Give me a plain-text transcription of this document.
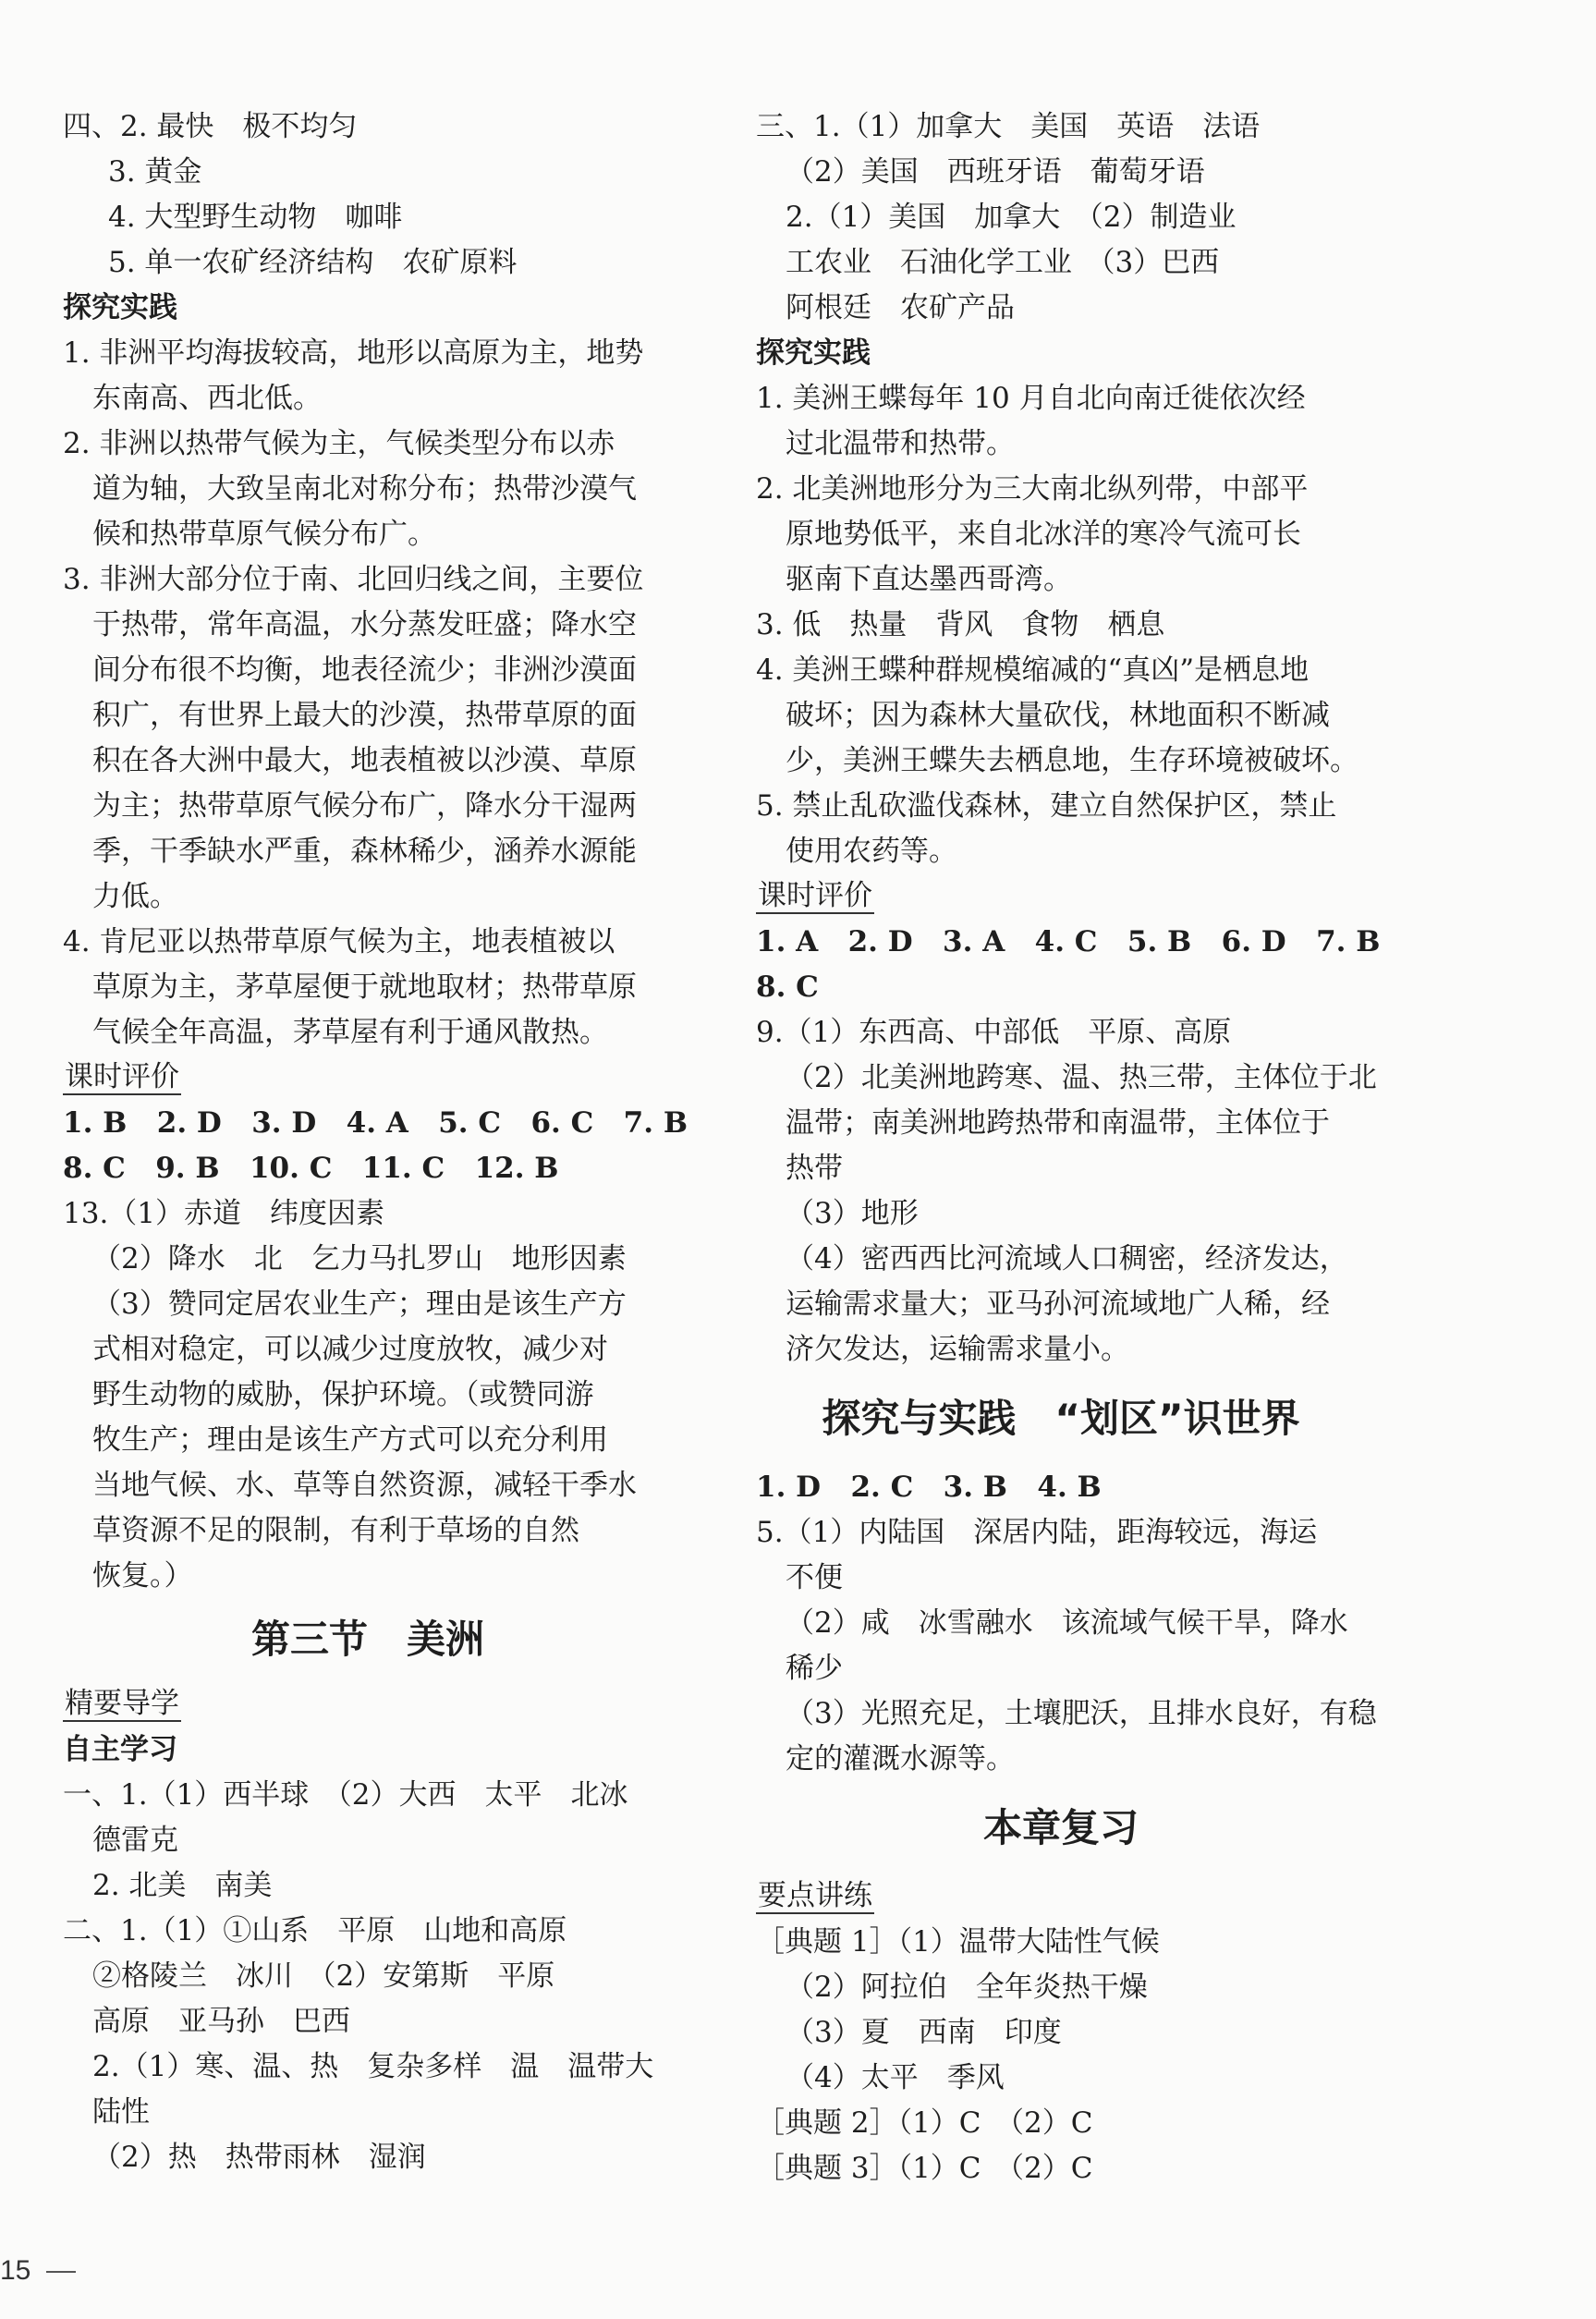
四、2. 最快　极不均匀
3. 黄金
4. 大型野生动物　咖啡
5. 单一农矿经济结构　农矿原料
探究实践
1. 非洲平均海拔较高，地形以高原为主，地势
东南高、西北低。
2. 非洲以热带气候为主，气候类型分布以赤
道为轴，大致呈南北对称分布；热带沙漠气
候和热带草原气候分布广。
3. 非洲大部分位于南、北回归线之间，主要位
于热带，常年高温，水分蒸发旺盛；降水空
间分布很不均衡，地表径流少；非洲沙漠面
积广，有世界上最大的沙漠，热带草原的面
积在各大洲中最大，地表植被以沙漠、草原
为主；热带草原气候分布广，降水分干湿两
季，干季缺水严重，森林稀少，涵养水源能
力低。
4. 肯尼亚以热带草原气候为主，地表植被以
草原为主，茅草屋便于就地取材；热带草原
气候全年高温，茅草屋有利于通风散热。
课时评价
1. B 2. D 3. D 4. A 5. C 6. C 7. B
8. C 9. B 10. C 11. C 12. B
13.（1）赤道　纬度因素
（2）降水　北　乞力马扎罗山　地形因素
（3）赞同定居农业生产；理由是该生产方
式相对稳定，可以减少过度放牧，减少对
野生动物的威胁，保护环境。（或赞同游
牧生产；理由是该生产方式可以充分利用
当地气候、水、草等自然资源，减轻干季水
草资源不足的限制，有利于草场的自然
恢复。）
第三节　美洲
精要导学
自主学习
一、1.（1）西半球　（2）大西　太平　北冰
德雷克
2. 北美　南美
二、1.（1）①山系　平原　山地和高原
②格陵兰　冰川　（2）安第斯　平原
高原　亚马孙　巴西
2.（1）寒、温、热　复杂多样　温　温带大
陆性
（2）热　热带雨林　湿润
三、1.（1）加拿大　美国　英语　法语
（2）美国　西班牙语　葡萄牙语
2.（1）美国　加拿大　（2）制造业
工农业　石油化学工业　（3）巴西
阿根廷　农矿产品
探究实践
1. 美洲王蝶每年 10 月自北向南迁徙依次经
过北温带和热带。
2. 北美洲地形分为三大南北纵列带，中部平
原地势低平，来自北冰洋的寒冷气流可长
驱南下直达墨西哥湾。
3. 低　热量　背风　食物　栖息
4. 美洲王蝶种群规模缩减的“真凶”是栖息地
破坏；因为森林大量砍伐，林地面积不断减
少，美洲王蝶失去栖息地，生存环境被破坏。
5. 禁止乱砍滥伐森林，建立自然保护区，禁止
使用农药等。
课时评价
1. A 2. D 3. A 4. C 5. B 6. D 7. B
8. C
9.（1）东西高、中部低　平原、高原
（2）北美洲地跨寒、温、热三带，主体位于北
温带；南美洲地跨热带和南温带，主体位于
热带
（3）地形
（4）密西西比河流域人口稠密，经济发达，
运输需求量大；亚马孙河流域地广人稀，经
济欠发达，运输需求量小。
探究与实践　“划区”识世界
1. D 2. C 3. B 4. B
5.（1）内陆国　深居内陆，距海较远，海运
不便
（2）咸　冰雪融水　该流域气候干旱，降水
稀少
（3）光照充足，土壤肥沃，且排水良好，有稳
定的灌溉水源等。
本章复习
要点讲练
［典题 1］（1）温带大陆性气候
（2）阿拉伯　全年炎热干燥
（3）夏　西南　印度
（4）太平　季风
［典题 2］（1）C　（2）C
［典题 3］（1）C　（2）C
15
